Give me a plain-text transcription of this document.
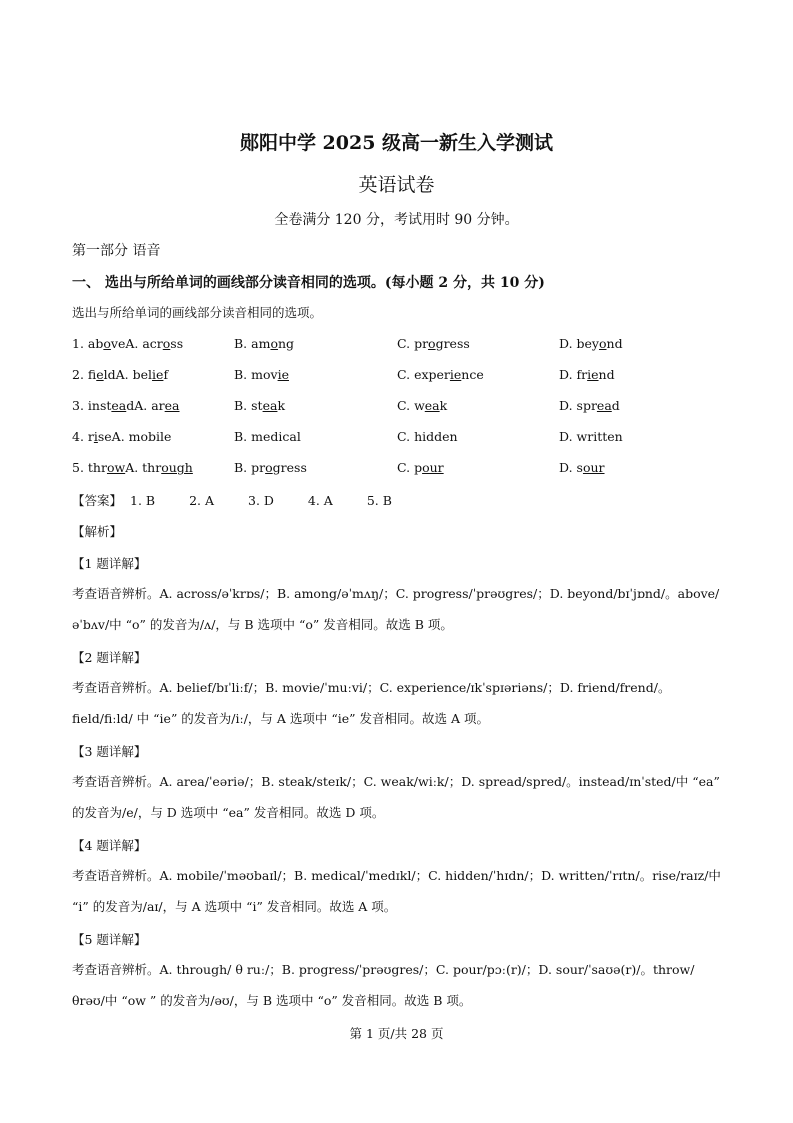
郧阳中学 2025 级高一新生入学测试
英语试卷
全卷满分 120 分，考试用时 90 分钟。
第一部分 语音
一、 选出与所给单词的画线部分读音相同的选项。(每小题 2 分，共 10 分)
选出与所给单词的画线部分读音相同的选项。
1. aboveA. across	B. among	C. progress	D. beyond
2. fieldA. belief	B. movie	C. experience	D. friend
3. insteadA. area	B. steak	C. weak	D. spread
4. riseA. mobile	B. medical	C. hidden	D. written
5. throwA. through	B. progress	C. pour	D. sour
【答案】 1. B	2. A	3. D	4. A	5. B
【解析】
【1 题详解】
考查语音辨析。A. across/əˈkrɒs/；B. among/əˈmʌŋ/；C. progress/ˈprəʊgres/；D. beyond/bɪˈjɒnd/。above/əˈbʌv/中 “o” 的发音为/ʌ/，与 B 选项中 “o” 发音相同。故选 B 项。
【2 题详解】
考查语音辨析。A. belief/bɪˈliːf/；B. movie/ˈmuːvi/；C. experience/ɪkˈspɪəriəns/；D. friend/frend/。field/fiːld/ 中 “ie” 的发音为/iː/，与 A 选项中 “ie” 发音相同。故选 A 项。
【3 题详解】
考查语音辨析。A. area/ˈeəriə/；B. steak/steɪk/；C. weak/wiːk/；D. spread/spred/。instead/ɪnˈsted/中 “ea” 的发音为/e/，与 D 选项中 “ea” 发音相同。故选 D 项。
【4 题详解】
考查语音辨析。A. mobile/ˈməʊbaɪl/；B. medical/ˈmedɪkl/；C. hidden/ˈhɪdn/；D. written/ˈrɪtn/。rise/raɪz/中 “i” 的发音为/aɪ/，与 A 选项中 “i” 发音相同。故选 A 项。
【5 题详解】
考查语音辨析。A. through/ θ ruː/；B. progress/ˈprəʊgres/；C. pour/pɔː(r)/；D. sour/ˈsaʊə(r)/。throw/θrəʊ/中 “ow ” 的发音为/əʊ/，与 B 选项中 “o” 发音相同。故选 B 项。
第 1 页/共 28 页
